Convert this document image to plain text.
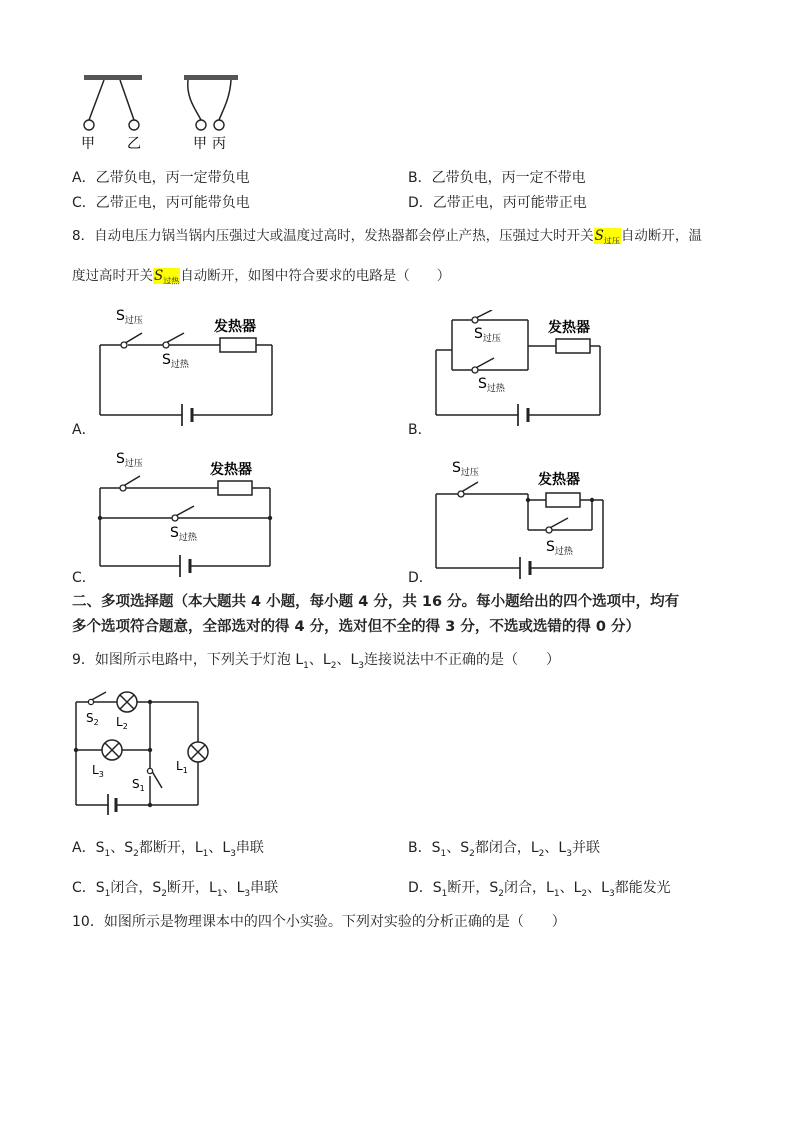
甲 乙	甲 丙
A．乙带负电，丙一定带负电	B．乙带负电，丙一定不带电
C．乙带正电，丙可能带负电	D．乙带正电，丙可能带正电
8．自动电压力锅当锅内压强过大或温度过高时，发热器都会停止产热，压强过大时开关$S_{过压}$自动断开，温
度过高时开关$S_{过热}$自动断开，如图中符合要求的电路是（　　）
$S_{过压}$
$S_{过热}$
发热器
A．
$S_{过压}$
$S_{过热}$
发热器
B．
$S_{过压}$
$S_{过热}$
发热器
C．
$S_{过压}$
$S_{过热}$
发热器
D．
二、多项选择题（本大题共 4 小题，每小题 4 分，共 16 分。每小题给出的四个选项中，均有
多个选项符合题意，全部选对的得 4 分，选对但不全的得 3 分，不选或选错的得 0 分）
9．如图所示电路中，下列关于灯泡 $L_1$、$L_2$、$L_3$连接说法中不正确的是（　　）
$S_2$ $L_2$
$L_3$
$L_1$
$S_1$
A．$S_1$、$S_2$都断开，$L_1$、$L_3$串联	B．$S_1$、$S_2$都闭合，$L_2$、$L_3$并联
C．$S_1$闭合，$S_2$断开，$L_1$、$L_3$串联	D．$S_1$断开，$S_2$闭合，$L_1$、$L_2$、$L_3$都能发光
10．如图所示是物理课本中的四个小实验。下列对实验的分析正确的是（　　）
